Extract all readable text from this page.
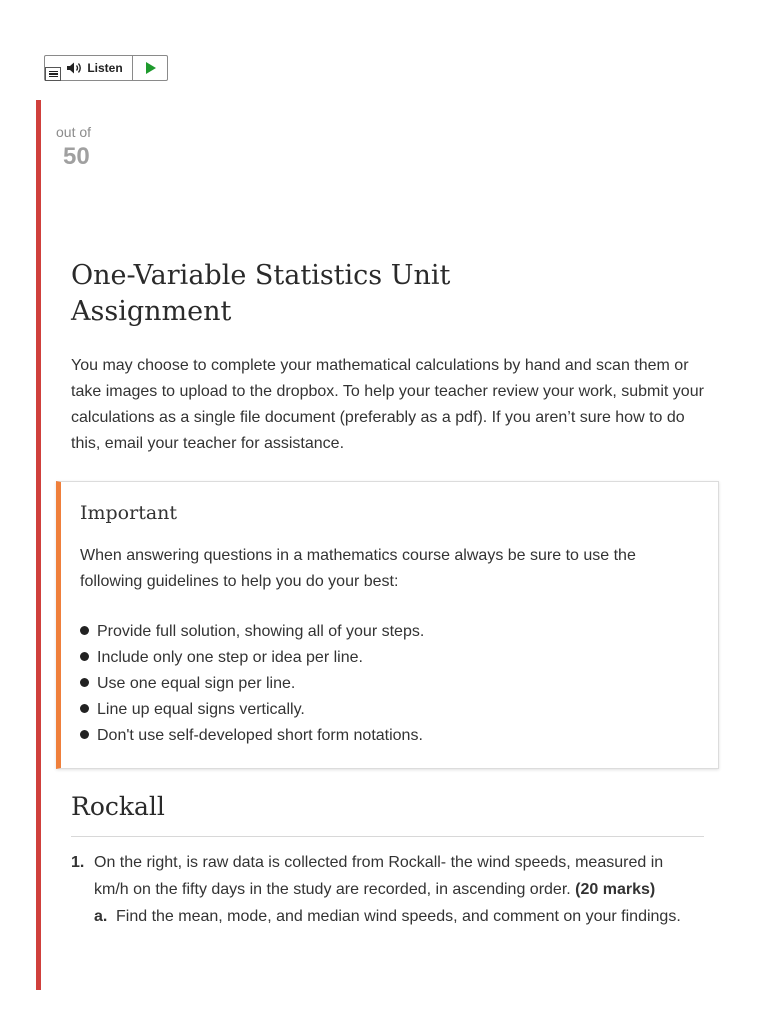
Listen
out of
50
One-Variable Statistics Unit Assignment

You may choose to complete your mathematical calculations by hand and scan them or take images to upload to the dropbox. To help your teacher review your work, submit your calculations as a single file document (preferably as a pdf). If you aren’t sure how to do this, email your teacher for assistance.

Important

When answering questions in a mathematics course always be sure to use the following guidelines to help you do your best:

Provide full solution, showing all of your steps.
Include only one step or idea per line.
Use one equal sign per line.
Line up equal signs vertically.
Don't use self-developed short form notations.
Rockall
1. On the right, is raw data is collected from Rockall- the wind speeds, measured in km/h on the fifty days in the study are recorded, in ascending order. (20 marks)
a. Find the mean, mode, and median wind speeds, and comment on your findings.
